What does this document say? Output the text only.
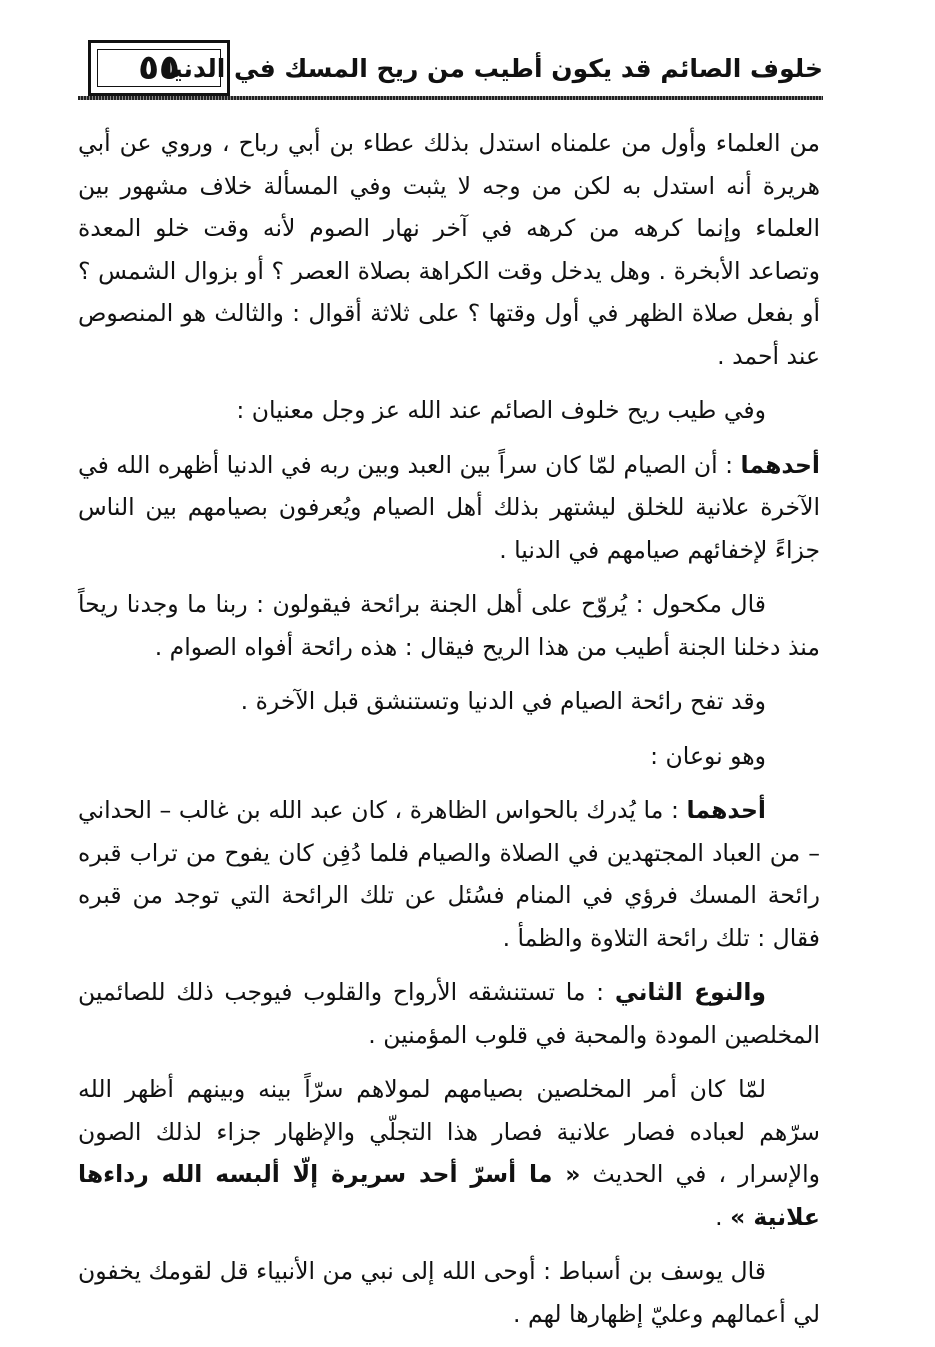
٥٥
خلوف الصائم قد يكون أطيب من ريح المسك في الدنيا

من العلماء وأول من علمناه استدل بذلك عطاء بن أبي رباح ، وروي عن أبي هريرة أنه استدل به لكن من وجه لا يثبت وفي المسألة خلاف مشهور بين العلماء وإنما كرهه من كرهه في آخر نهار الصوم لأنه وقت خلو المعدة وتصاعد الأبخرة . وهل يدخل وقت الكراهة بصلاة العصر ؟ أو بزوال الشمس ؟ أو بفعل صلاة الظهر في أول وقتها ؟ على ثلاثة أقوال : والثالث هو المنصوص عند أحمد .

وفي طيب ريح خلوف الصائم عند الله عز وجل معنيان :

أحدهما : أن الصيام لمّا كان سراً بين العبد وبين ربه في الدنيا أظهره الله في الآخرة علانية للخلق ليشتهر بذلك أهل الصيام ويُعرفون بصيامهم بين الناس جزاءً لإخفائهم صيامهم في الدنيا .

قال مكحول : يُروّح على أهل الجنة برائحة فيقولون : ربنا ما وجدنا ريحاً منذ دخلنا الجنة أطيب من هذا الريح فيقال : هذه رائحة أفواه الصوام .

وقد تفح رائحة الصيام في الدنيا وتستنشق قبل الآخرة .

وهو نوعان :

أحدهما : ما يُدرك بالحواس الظاهرة ، كان عبد الله بن غالب – الحداني – من العباد المجتهدين في الصلاة والصيام فلما دُفِن كان يفوح من تراب قبره رائحة المسك فرؤي في المنام فسُئل عن تلك الرائحة التي توجد من قبره فقال : تلك رائحة التلاوة والظمأ .

والنوع الثاني : ما تستنشقه الأرواح والقلوب فيوجب ذلك للصائمين المخلصين المودة والمحبة في قلوب المؤمنين .

لمّا كان أمر المخلصين بصيامهم لمولاهم سرّاً بينه وبينهم أظهر الله سرّهم لعباده فصار علانية فصار هذا التجلّي والإظهار جزاء لذلك الصون والإسرار ، في الحديث « ما أسرّ أحد سريرة إلّا ألبسه الله رداءها علانية » .

قال يوسف بن أسباط : أوحى الله إلى نبي من الأنبياء قل لقومك يخفون لي أعمالهم وعليّ إظهارها لهم .
